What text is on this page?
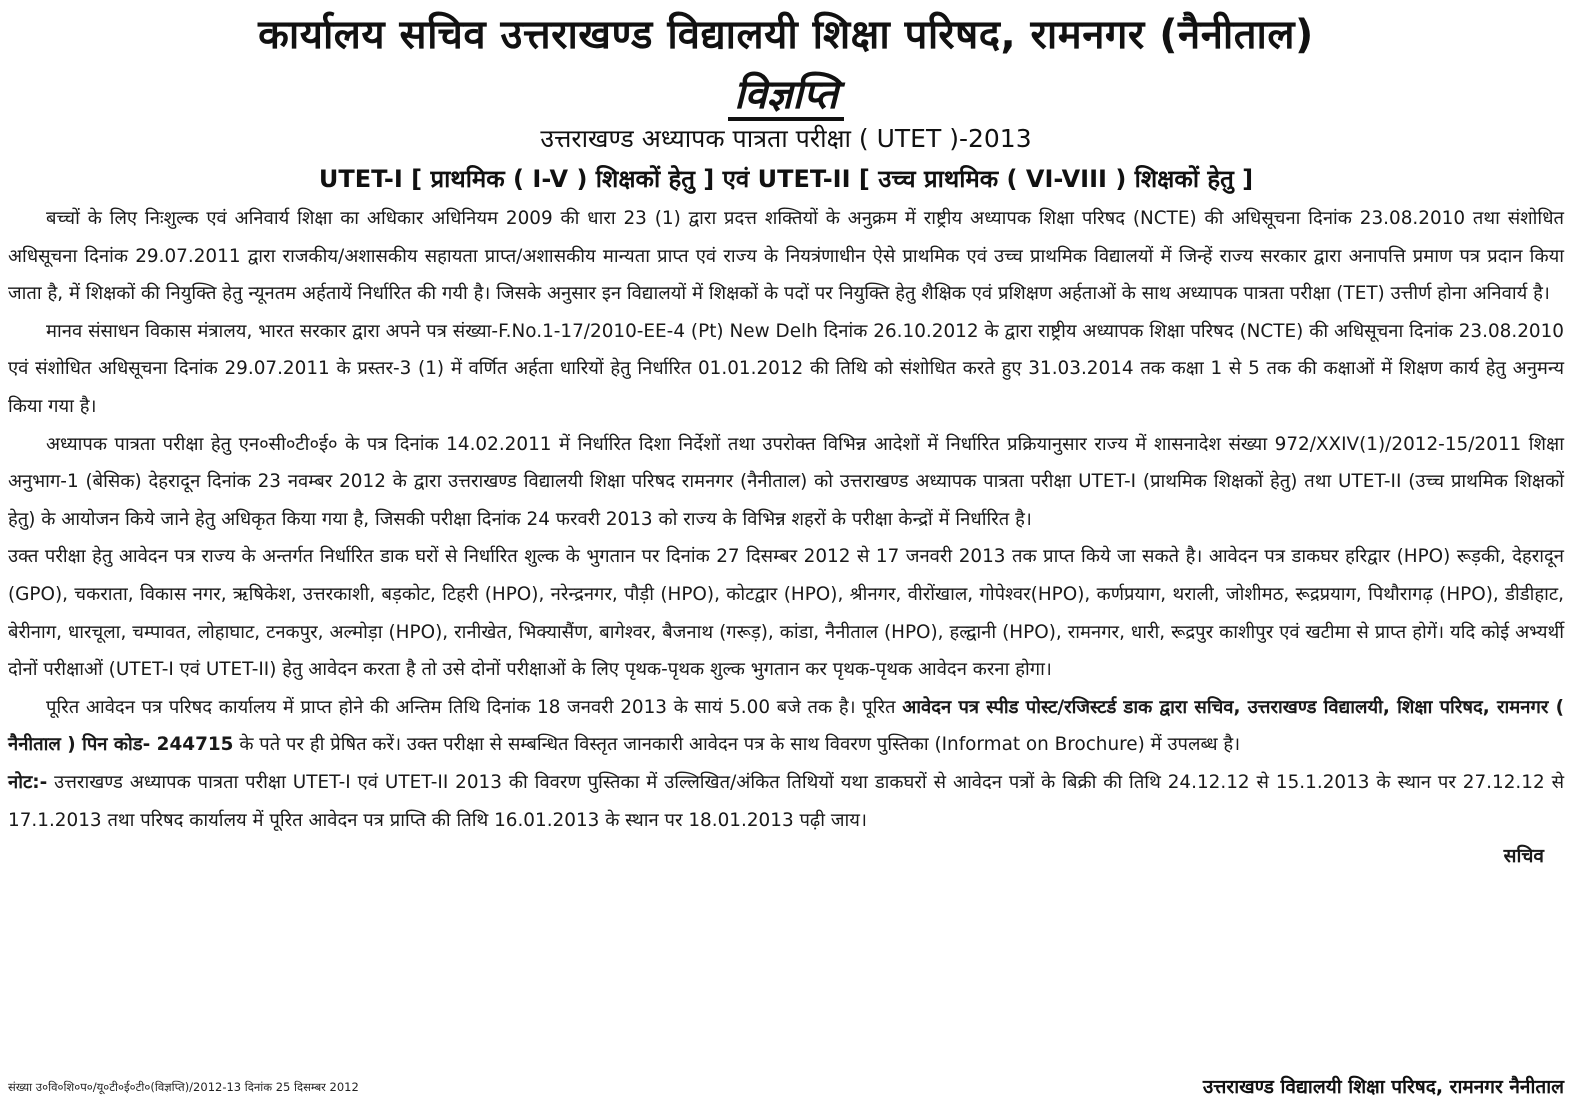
कार्यालय सचिव उत्तराखण्ड विद्यालयी शिक्षा परिषद, रामनगर (नैनीताल)
विज्ञप्ति
उत्तराखण्ड अध्यापक पात्रता परीक्षा ( UTET )-2013
UTET-I [ प्राथमिक ( I-V ) शिक्षकों हेतु ] एवं UTET-II [ उच्च प्राथमिक ( VI-VIII ) शिक्षकों हेतु ]

बच्चों के लिए निःशुल्क एवं अनिवार्य शिक्षा का अधिकार अधिनियम 2009 की धारा 23 (1) द्वारा प्रदत्त शक्तियों के अनुक्रम में राष्ट्रीय अध्यापक शिक्षा परिषद (NCTE) की अधिसूचना दिनांक 23.08.2010 तथा संशोधित अधिसूचना दिनांक 29.07.2011 द्वारा राजकीय/अशासकीय सहायता प्राप्त/अशासकीय मान्यता प्राप्त एवं राज्य के नियत्रंणाधीन ऐसे प्राथमिक एवं उच्च प्राथमिक विद्यालयों में जिन्हें राज्य सरकार द्वारा अनापत्ति प्रमाण पत्र प्रदान किया जाता है, में शिक्षकों की नियुक्ति हेतु न्यूनतम अर्हतायें निर्धारित की गयी है। जिसके अनुसार इन विद्यालयों में शिक्षकों के पदों पर नियुक्ति हेतु शैक्षिक एवं प्रशिक्षण अर्हताओं के साथ अध्यापक पात्रता परीक्षा (TET) उत्तीर्ण होना अनिवार्य है।

मानव संसाधन विकास मंत्रालय, भारत सरकार द्वारा अपने पत्र संख्या-F.No.1-17/2010-EE-4 (Pt) New Delh दिनांक 26.10.2012 के द्वारा राष्ट्रीय अध्यापक शिक्षा परिषद (NCTE) की अधिसूचना दिनांक 23.08.2010 एवं संशोधित अधिसूचना दिनांक 29.07.2011 के प्रस्तर-3 (1) में वर्णित अर्हता धारियों हेतु निर्धारित 01.01.2012 की तिथि को संशोधित करते हुए 31.03.2014 तक कक्षा 1 से 5 तक की कक्षाओं में शिक्षण कार्य हेतु अनुमन्य किया गया है।

अध्यापक पात्रता परीक्षा हेतु एन०सी०टी०ई० के पत्र दिनांक 14.02.2011 में निर्धारित दिशा निर्देशों तथा उपरोक्त विभिन्न आदेशों में निर्धारित प्रक्रियानुसार राज्य में शासनादेश संख्या 972/XXIV(1)/2012-15/2011 शिक्षा अनुभाग-1 (बेसिक) देहरादून दिनांक 23 नवम्बर 2012 के द्वारा उत्तराखण्ड विद्यालयी शिक्षा परिषद रामनगर (नैनीताल) को उत्तराखण्ड अध्यापक पात्रता परीक्षा UTET-I (प्राथमिक शिक्षकों हेतु) तथा UTET-II (उच्च प्राथमिक शिक्षकों हेतु) के आयोजन किये जाने हेतु अधिकृत किया गया है, जिसकी परीक्षा दिनांक 24 फरवरी 2013 को राज्य के विभिन्न शहरों के परीक्षा केन्द्रों में निर्धारित है।

उक्त परीक्षा हेतु आवेदन पत्र राज्य के अन्तर्गत निर्धारित डाक घरों से निर्धारित शुल्क के भुगतान पर दिनांक 27 दिसम्बर 2012 से 17 जनवरी 2013 तक प्राप्त किये जा सकते है। आवेदन पत्र डाकघर हरिद्वार (HPO) रूड़की, देहरादून (GPO), चकराता, विकास नगर, ऋषिकेश, उत्तरकाशी, बड़कोट, टिहरी (HPO), नरेन्द्रनगर, पौड़ी (HPO), कोटद्वार (HPO), श्रीनगर, वीरोंखाल, गोपेश्वर(HPO), कर्णप्रयाग, थराली, जोशीमठ, रूद्रप्रयाग, पिथौरागढ़ (HPO), डीडीहाट, बेरीनाग, धारचूला, चम्पावत, लोहाघाट, टनकपुर, अल्मोड़ा (HPO), रानीखेत, भिक्यासैंण, बागेश्वर, बैजनाथ (गरूड़), कांडा, नैनीताल (HPO), हल्द्वानी (HPO), रामनगर, धारी, रूद्रपुर काशीपुर एवं खटीमा से प्राप्त होगें। यदि कोई अभ्यर्थी दोनों परीक्षाओं (UTET-I एवं UTET-II) हेतु आवेदन करता है तो उसे दोनों परीक्षाओं के लिए पृथक-पृथक शुल्क भुगतान कर पृथक-पृथक आवेदन करना होगा।

पूरित आवेदन पत्र परिषद कार्यालय में प्राप्त होने की अन्तिम तिथि दिनांक 18 जनवरी 2013 के सायं 5.00 बजे तक है। पूरित आवेदन पत्र स्पीड पोस्ट/रजिस्टर्ड डाक द्वारा सचिव, उत्तराखण्ड विद्यालयी, शिक्षा परिषद, रामनगर ( नैनीताल ) पिन कोड- 244715 के पते पर ही प्रेषित करें। उक्त परीक्षा से सम्बन्धित विस्तृत जानकारी आवेदन पत्र के साथ विवरण पुस्तिका (Informat on Brochure) में उपलब्ध है।

नोट:- उत्तराखण्ड अध्यापक पात्रता परीक्षा UTET-I एवं UTET-II 2013 की विवरण पुस्तिका में उल्लिखित/अंकित तिथियों यथा डाकघरों से आवेदन पत्रों के बिक्री की तिथि 24.12.12 से 15.1.2013 के स्थान पर 27.12.12 से 17.1.2013 तथा परिषद कार्यालय में पूरित आवेदन पत्र प्राप्ति की तिथि 16.01.2013 के स्थान पर 18.01.2013 पढ़ी जाय।

सचिव
संख्या उ०वि०शि०प०/यू०टी०ई०टी०(विज्ञप्ति)/2012-13 दिनांक 25 दिसम्बर 2012	उत्तराखण्ड विद्यालयी शिक्षा परिषद, रामनगर नैनीताल
